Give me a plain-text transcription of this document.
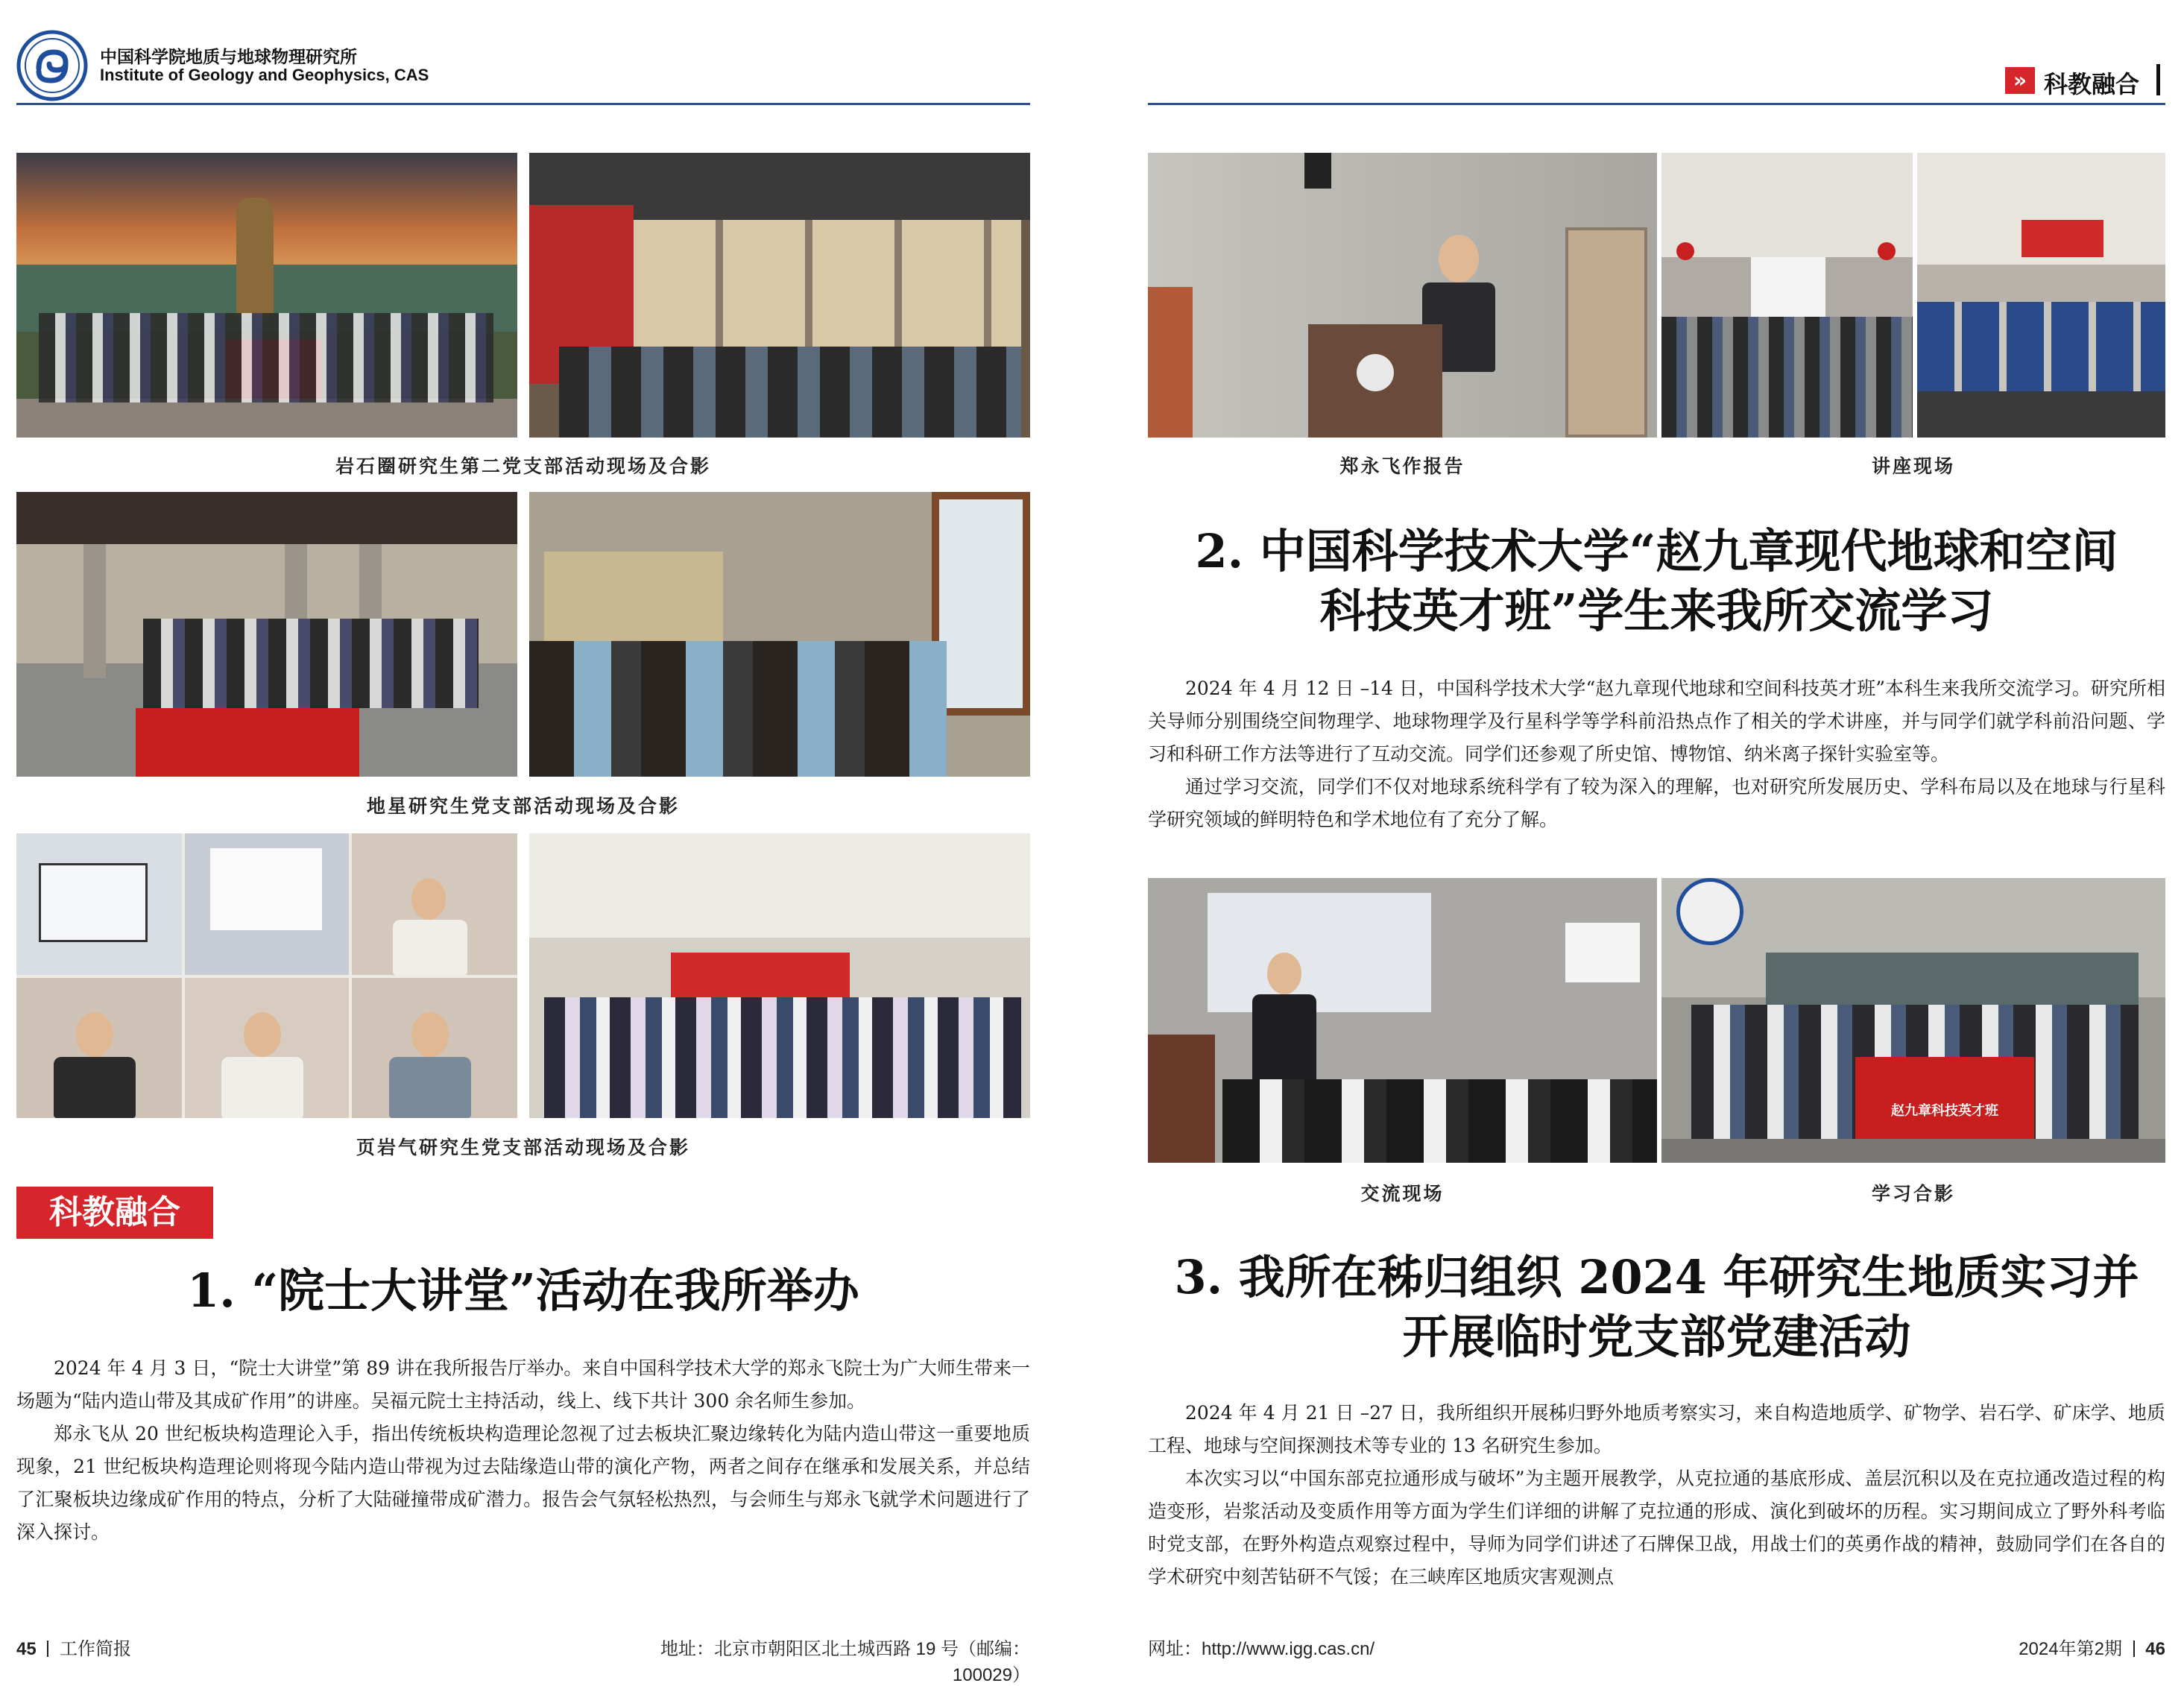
中国科学院地质与地球物理研究所
Institute of Geology and Geophysics, CAS	» 科教融合
岩石圈研究生第二党支部活动现场及合影
地星研究生党支部活动现场及合影
页岩气研究生党支部活动现场及合影
科教融合
1. “院士大讲堂”活动在我所举办

2024 年 4 月 3 日，“院士大讲堂”第 89 讲在我所报告厅举办。来自中国科学技术大学的郑永飞院士为广大师生带来一场题为“陆内造山带及其成矿作用”的讲座。吴福元院士主持活动，线上、线下共计 300 余名师生参加。

郑永飞从 20 世纪板块构造理论入手，指出传统板块构造理论忽视了过去板块汇聚边缘转化为陆内造山带这一重要地质现象，21 世纪板块构造理论则将现今陆内造山带视为过去陆缘造山带的演化产物，两者之间存在继承和发展关系，并总结了汇聚板块边缘成矿作用的特点，分析了大陆碰撞带成矿潜力。报告会气氛轻松热烈，与会师生与郑永飞就学术问题进行了深入探讨。

郑永飞作报告	讲座现场
2. 中国科学技术大学“赵九章现代地球和空间
科技英才班”学生来我所交流学习

2024 年 4 月 12 日 –14 日，中国科学技术大学“赵九章现代地球和空间科技英才班”本科生来我所交流学习。研究所相关导师分别围绕空间物理学、地球物理学及行星科学等学科前沿热点作了相关的学术讲座，并与同学们就学科前沿问题、学习和科研工作方法等进行了互动交流。同学们还参观了所史馆、博物馆、纳米离子探针实验室等。

通过学习交流，同学们不仅对地球系统科学有了较为深入的理解，也对研究所发展历史、学科布局以及在地球与行星科学研究领域的鲜明特色和学术地位有了充分了解。

赵九章科技英才班
交流现场	学习合影
3. 我所在秭归组织 2024 年研究生地质实习并
开展临时党支部党建活动

2024 年 4 月 21 日 –27 日，我所组织开展秭归野外地质考察实习，来自构造地质学、矿物学、岩石学、矿床学、地质工程、地球与空间探测技术等专业的 13 名研究生参加。

本次实习以“中国东部克拉通形成与破坏”为主题开展教学，从克拉通的基底形成、盖层沉积以及在克拉通改造过程的构造变形，岩浆活动及变质作用等方面为学生们详细的讲解了克拉通的形成、演化到破坏的历程。实习期间成立了野外科考临时党支部，在野外构造点观察过程中，导师为同学们讲述了石牌保卫战，用战士们的英勇作战的精神，鼓励同学们在各自的学术研究中刻苦钻研不气馁；在三峡库区地质灾害观测点

45 工作简报	地址：北京市朝阳区北土城西路 19 号（邮编：100029）
网址：http://www.igg.cas.cn/	2024年第2期 46
